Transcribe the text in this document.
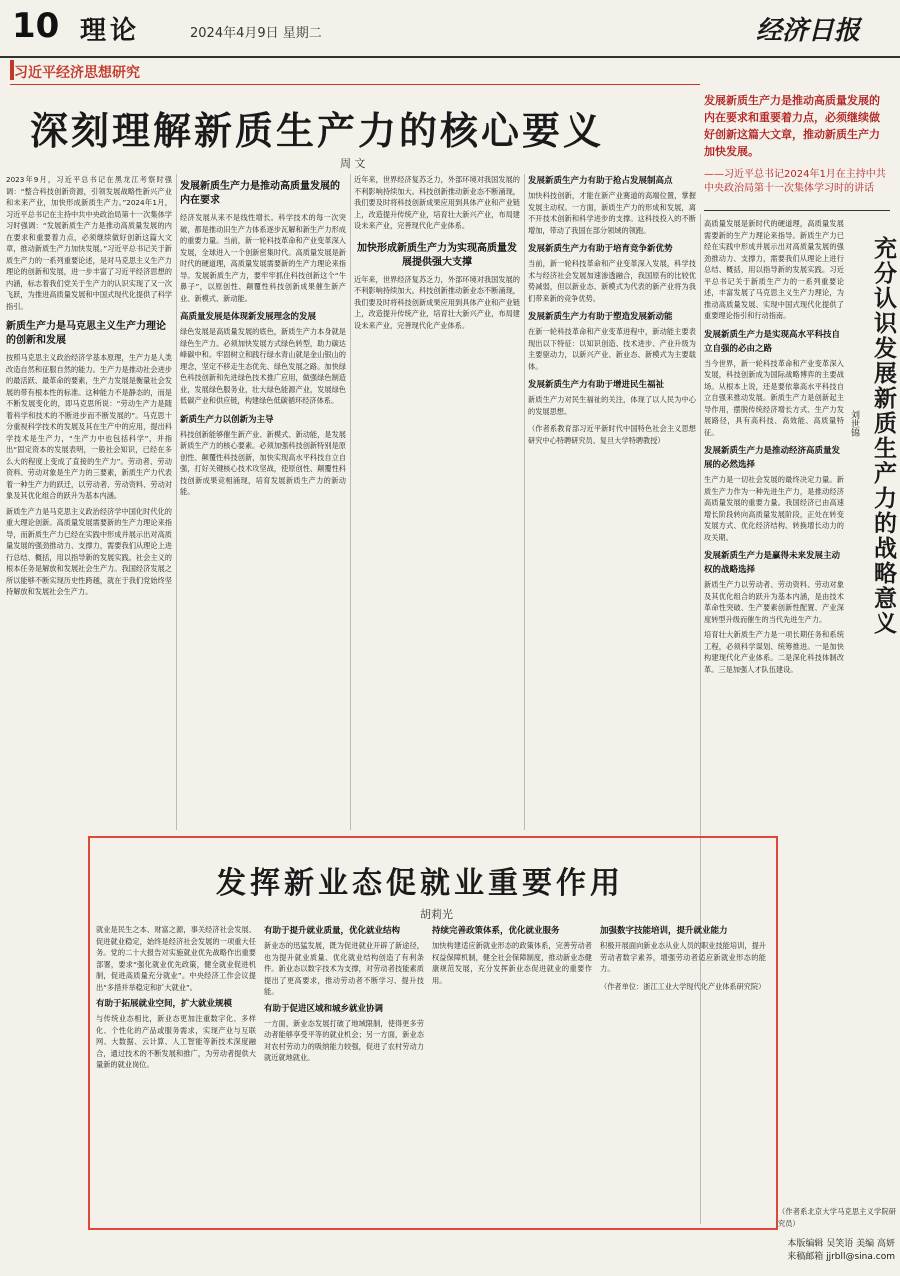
10 理论	2024年4月9日 星期二	经济日报
习近平经济思想研究
深刻理解新质生产力的核心要义
周 文
发展新质生产力是推动高质量发展的内在要求和重要着力点，必须继续做好创新这篇大文章，推动新质生产力加快发展。
——习近平总书记2024年1月在主持中共中央政治局第十一次集体学习时的讲话
2023年9月，习近平总书记在黑龙江考察时强调：“整合科技创新资源，引领发展战略性新兴产业和未来产业，加快形成新质生产力。”2024年1月，习近平总书记在主持中共中央政治局第十一次集体学习时强调：“发展新质生产力是推动高质量发展的内在要求和重要着力点，必须继续做好创新这篇大文章，推动新质生产力加快发展。”习近平总书记关于新质生产力的一系列重要论述，是对马克思主义生产力理论的创新和发展，进一步丰富了习近平经济思想的内涵，标志着我们党关于生产力的认识实现了又一次飞跃，为推进高质量发展和中国式现代化提供了科学指引。
新质生产力是马克思主义生产力理论的创新和发展
按照马克思主义政治经济学基本原理，生产力是人类改造自然和征服自然的能力。生产力是推动社会进步的最活跃、最革命的要素，生产力发展是衡量社会发展的带有根本性的标准。这种能力不是静态的，而是不断发展变化的，即马克思所说：“劳动生产力是随着科学和技术的不断进步而不断发展的”。马克思十分重视科学技术的发展及其在生产中的应用，提出科学技术是生产力，“生产力中也包括科学”，并指出“固定资本的发展表明，一般社会知识，已经在多么大的程度上变成了直接的生产力”。劳动者、劳动资料、劳动对象是生产力的三要素，新质生产力代表着一种生产力的跃迁，以劳动者、劳动资料、劳动对象及其优化组合的跃升为基本内涵。
新质生产力是马克思主义政治经济学中国化时代化的重大理论创新。高质量发展需要新的生产力理论来指导，而新质生产力已经在实践中形成并展示出对高质量发展的强劲推动力、支撑力，需要我们从理论上进行总结、概括，用以指导新的发展实践。社会主义的根本任务是解放和发展社会生产力。我国经济发展之所以能够不断实现历史性跨越，就在于我们党始终坚持解放和发展社会生产力。
发展新质生产力是推动高质量发展的内在要求
经济发展从来不是线性增长。科学技术的每一次突破，都是推动旧生产力体系逐步瓦解和新生产力形成的重要力量。当前，新一轮科技革命和产业变革深入发展，全球进入一个创新密集时代。高质量发展是新时代的硬道理，高质量发展需要新的生产力理论来指导。发展新质生产力，要牢牢抓住科技创新这个“牛鼻子”，以原创性、颠覆性科技创新成果催生新产业、新模式、新动能。
高质量发展是体现新发展理念的发展
绿色发展是高质量发展的底色，新质生产力本身就是绿色生产力。必须加快发展方式绿色转型，助力碳达峰碳中和。牢固树立和践行绿水青山就是金山银山的理念，坚定不移走生态优先、绿色发展之路。加快绿色科技创新和先进绿色技术推广应用，做强绿色制造业，发展绿色服务业，壮大绿色能源产业，发展绿色低碳产业和供应链，构建绿色低碳循环经济体系。
新质生产力以创新为主导
科技创新能够催生新产业、新模式、新动能，是发展新质生产力的核心要素。必须加强科技创新特别是原创性、颠覆性科技创新，加快实现高水平科技自立自强，打好关键核心技术攻坚战，使原创性、颠覆性科技创新成果竞相涌现，培育发展新质生产力的新动能。
近年来，世界经济复苏乏力，外部环境对我国发展的不利影响持续加大。科技创新推动新业态不断涌现，我们要及时将科技创新成果应用到具体产业和产业链上，改造提升传统产业，培育壮大新兴产业，布局建设未来产业，完善现代化产业体系。
加快形成新质生产力为实现高质量发展提供强大支撑
近年来，世界经济复苏乏力，外部环境对我国发展的不利影响持续加大。科技创新推动新业态不断涌现，我们要及时将科技创新成果应用到具体产业和产业链上，改造提升传统产业，培育壮大新兴产业，布局建设未来产业，完善现代化产业体系。
发展新质生产力有助于抢占发展制高点
加快科技创新，才能在新产业赛道的高端位置，掌握发展主动权。一方面，新质生产力的形成和发展，离不开技术创新和科学进步的支撑。这科技投入的不断增加，带动了我国在部分领域的领跑。
发展新质生产力有助于培育竞争新优势
当前，新一轮科技革命和产业变革深入发展，科学技术与经济社会发展加速渗透融合，我国原有的比较优势减弱，但以新业态、新模式为代表的新产业将为我们带来新的竞争优势。
发展新质生产力有助于塑造发展新动能
在新一轮科技革命和产业变革进程中，新动能主要表现出以下特征：以知识创造、技术进步、产业升级为主要驱动力，以新兴产业、新业态、新模式为主要载体。
发展新质生产力有助于增进民生福祉
新质生产力对民生福祉的关注，体现了以人民为中心的发展思想。
（作者系教育部习近平新时代中国特色社会主义思想研究中心特聘研究员、复旦大学特聘教授）
高质量发展是新时代的硬道理，高质量发展需要新的生产力理论来指导。新质生产力已经在实践中形成并展示出对高质量发展的强劲推动力、支撑力，需要我们从理论上进行总结、概括，用以指导新的发展实践。习近平总书记关于新质生产力的一系列重要论述，丰富发展了马克思主义生产力理论，为推动高质量发展、实现中国式现代化提供了重要理论指引和行动指南。
发展新质生产力是实现高水平科技自立自强的必由之路
当今世界，新一轮科技革命和产业变革深入发展，科技创新成为国际战略博弈的主要战场。从根本上说，还是要依靠高水平科技自立自强来推动发展。新质生产力是创新起主导作用，摆脱传统经济增长方式、生产力发展路径，具有高科技、高效能、高质量特征。
发展新质生产力是推动经济高质量发展的必然选择
生产力是一切社会发展的最终决定力量。新质生产力作为一种先进生产力，是推动经济高质量发展的重要力量。我国经济已由高速增长阶段转向高质量发展阶段，正处在转变发展方式、优化经济结构、转换增长动力的攻关期。
发展新质生产力是赢得未来发展主动权的战略选择
新质生产力以劳动者、劳动资料、劳动对象及其优化组合的跃升为基本内涵，是由技术革命性突破、生产要素创新性配置、产业深度转型升级而催生的当代先进生产力。
培育壮大新质生产力是一项长期任务和系统工程，必须科学谋划、统筹推进。一是加快构建现代化产业体系。二是深化科技体制改革。三是加强人才队伍建设。
充分认识发展新质生产力的战略意义
刘世锦
（作者系北京大学马克思主义学院研究员）
发挥新业态促就业重要作用
胡莉光
就业是民生之本、财富之源，事关经济社会发展、促进就业稳定，始终是经济社会发展的一项重大任务。党的二十大报告对实施就业优先战略作出重要部署，要求“强化就业优先政策，健全就业促进机制，促进高质量充分就业”。中央经济工作会议提出“多措并举稳定和扩大就业”。
有助于拓展就业空间，扩大就业规模
与传统业态相比，新业态更加注重数字化、多样化、个性化的产品或服务需求，实现产业与互联网、大数据、云计算、人工智能等新技术深度融合，通过技术的不断发展和推广，为劳动者提供大量新的就业岗位。
有助于提升就业质量，优化就业结构
新业态的迅猛发展，既为促进就业开辟了新途径，也为提升就业质量、优化就业结构创造了有利条件。新业态以数字技术为支撑，对劳动者技能素质提出了更高要求，推动劳动者不断学习、提升技能。
有助于促进区域和城乡就业协调
一方面，新业态发展打破了地域限制，使得更多劳动者能够享受平等的就业机会；另一方面，新业态对农村劳动力的吸纳能力较强，促进了农村劳动力就近就地就业。
持续完善政策体系，优化就业服务
加快构建适应新就业形态的政策体系，完善劳动者权益保障机制，健全社会保障制度，推动新业态健康规范发展，充分发挥新业态促进就业的重要作用。
加强数字技能培训，提升就业能力
积极开展面向新业态从业人员的职业技能培训，提升劳动者数字素养，增强劳动者适应新就业形态的能力。
（作者单位：浙江工业大学现代化产业体系研究院）
本版编辑 吴笑语 美编 高妍
来稿邮箱 jjrbll@sina.com
